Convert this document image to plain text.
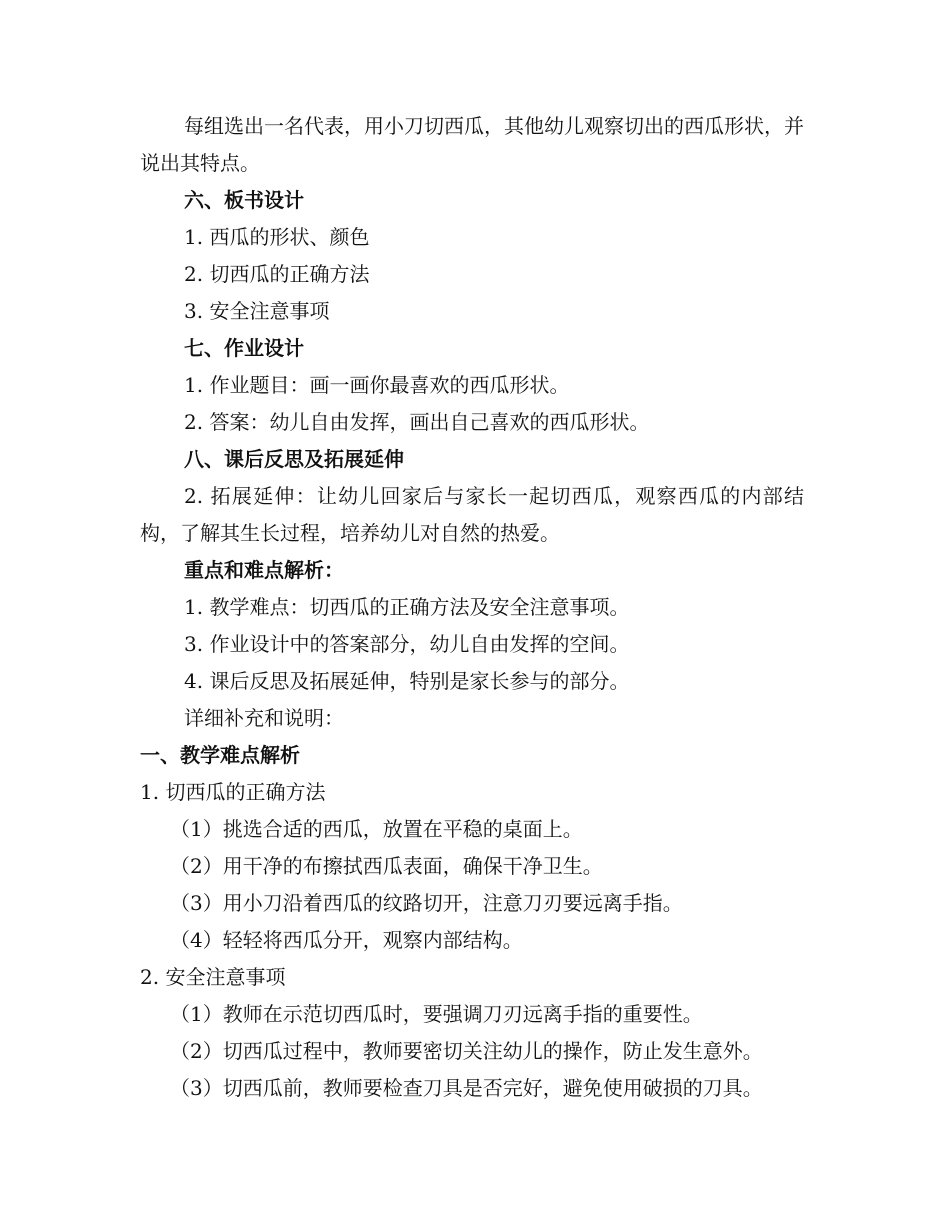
每组选出一名代表，用小刀切西瓜，其他幼儿观察切出的西瓜形状，并说出其特点。
六、板书设计
1. 西瓜的形状、颜色
2. 切西瓜的正确方法
3. 安全注意事项
七、作业设计
1. 作业题目：画一画你最喜欢的西瓜形状。
2. 答案：幼儿自由发挥，画出自己喜欢的西瓜形状。
八、课后反思及拓展延伸
2. 拓展延伸：让幼儿回家后与家长一起切西瓜，观察西瓜的内部结构，了解其生长过程，培养幼儿对自然的热爱。
重点和难点解析：
1. 教学难点：切西瓜的正确方法及安全注意事项。
3. 作业设计中的答案部分，幼儿自由发挥的空间。
4. 课后反思及拓展延伸，特别是家长参与的部分。
详细补充和说明：
一、教学难点解析
1. 切西瓜的正确方法
（1）挑选合适的西瓜，放置在平稳的桌面上。
（2）用干净的布擦拭西瓜表面，确保干净卫生。
（3）用小刀沿着西瓜的纹路切开，注意刀刃要远离手指。
（4）轻轻将西瓜分开，观察内部结构。
2. 安全注意事项
（1）教师在示范切西瓜时，要强调刀刃远离手指的重要性。
（2）切西瓜过程中，教师要密切关注幼儿的操作，防止发生意外。
（3）切西瓜前，教师要检查刀具是否完好，避免使用破损的刀具。
